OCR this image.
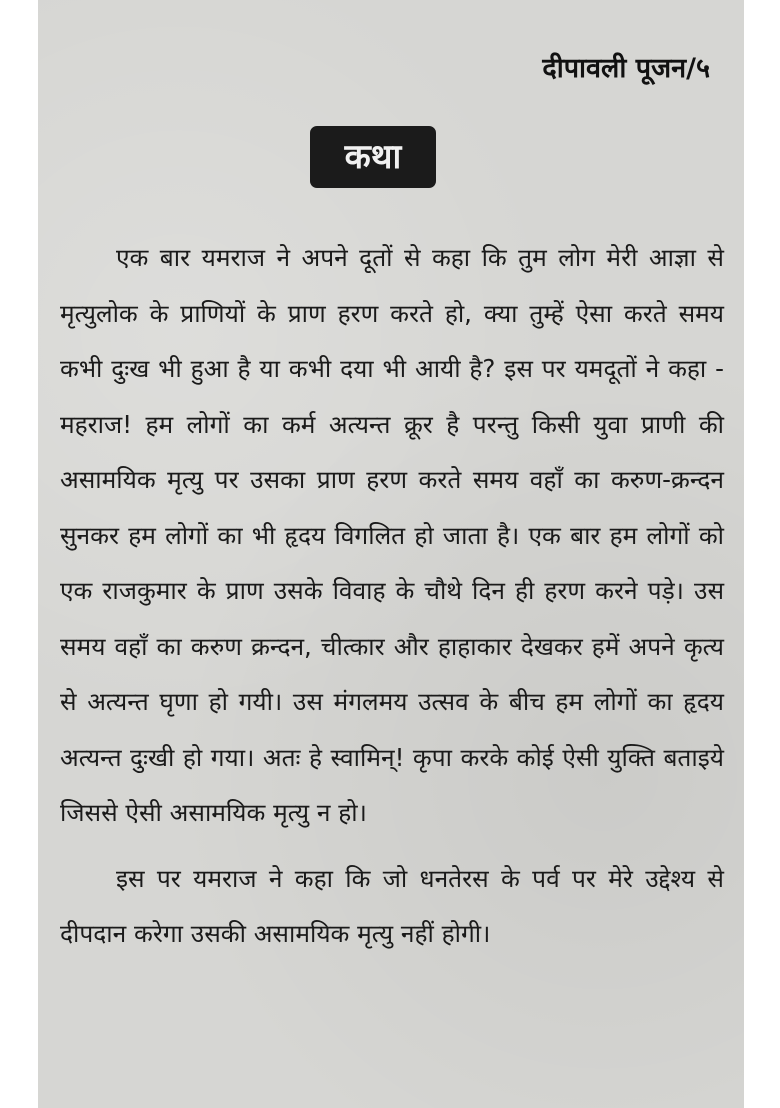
दीपावली पूजन/५
कथा

एक बार यमराज ने अपने दूतों से कहा कि तुम लोग मेरी आज्ञा से मृत्युलोक के प्राणियों के प्राण हरण करते हो, क्या तुम्हें ऐसा करते समय कभी दुःख भी हुआ है या कभी दया भी आयी है? इस पर यमदूतों ने कहा - महराज! हम लोगों का कर्म अत्यन्त क्रूर है परन्तु किसी युवा प्राणी की असामयिक मृत्यु पर उसका प्राण हरण करते समय वहाँ का करुण-क्रन्दन सुनकर हम लोगों का भी हृदय विगलित हो जाता है। एक बार हम लोगों को एक राजकुमार के प्राण उसके विवाह के चौथे दिन ही हरण करने पड़े। उस समय वहाँ का करुण क्रन्दन, चीत्कार और हाहाकार देखकर हमें अपने कृत्य से अत्यन्त घृणा हो गयी। उस मंगलमय उत्सव के बीच हम लोगों का हृदय अत्यन्त दुःखी हो गया। अतः हे स्वामिन्! कृपा करके कोई ऐसी युक्ति बताइये जिससे ऐसी असामयिक मृत्यु न हो।

इस पर यमराज ने कहा कि जो धनतेरस के पर्व पर मेरे उद्देश्य से दीपदान करेगा उसकी असामयिक मृत्यु नहीं होगी।
